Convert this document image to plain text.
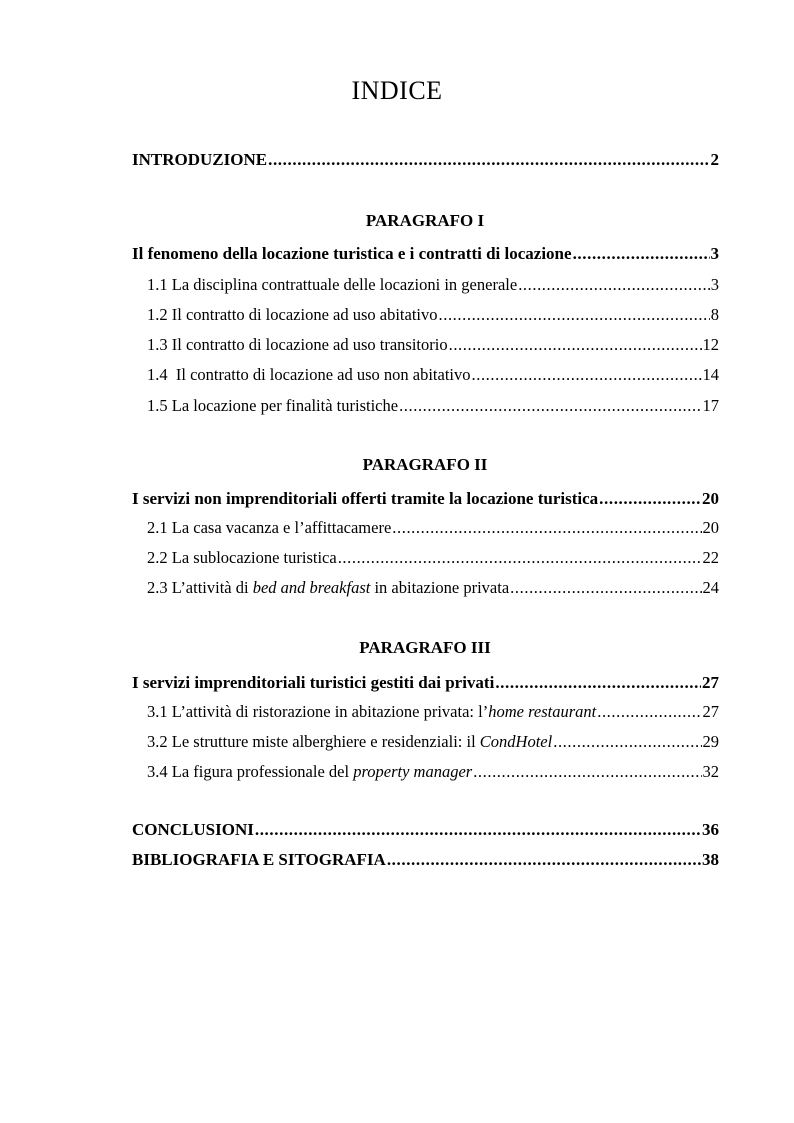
INDICE
INTRODUZIONE .....	2
PARAGRAFO I
Il fenomeno della locazione turistica e i contratti di locazione .....	3
1.1 La disciplina contrattuale delle locazioni in generale .....	3
1.2 Il contratto di locazione ad uso abitativo .....	8
1.3 Il contratto di locazione ad uso transitorio .....	12
1.4  Il contratto di locazione ad uso non abitativo .....	14
1.5 La locazione per finalità turistiche .....	17
PARAGRAFO II
I servizi non imprenditoriali offerti tramite la locazione turistica .....	20
2.1 La casa vacanza e l’affittacamere .....	20
2.2 La sublocazione turistica .....	22
2.3 L’attività di bed and breakfast in abitazione privata .....	24
PARAGRAFO III
I servizi imprenditoriali turistici gestiti dai privati .....	27
3.1 L’attività di ristorazione in abitazione privata: l’home restaurant .....	27
3.2 Le strutture miste alberghiere e residenziali: il CondHotel .....	29
3.4 La figura professionale del property manager .....	32
CONCLUSIONI .....	36
BIBLIOGRAFIA E SITOGRAFIA .....	38
